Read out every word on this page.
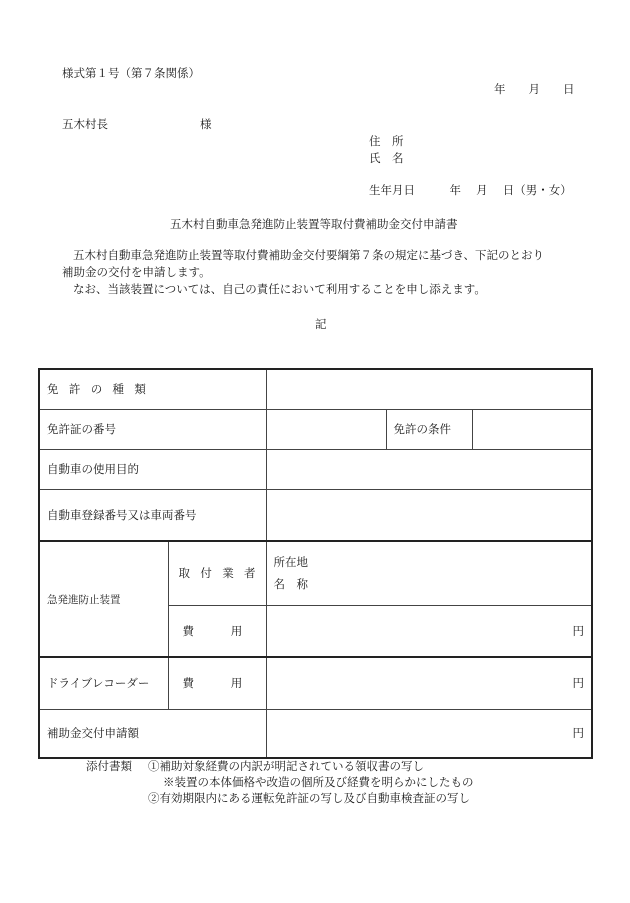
様式第１号（第７条関係）
年　　月　　日
五木村長　　　　　　　　様
住　所
氏　名
生年月日　　　年　 月　 日（男・女）
五木村自動車急発進防止装置等取付費補助金交付申請書

五木村自動車急発進防止装置等取付費補助金交付要綱第７条の規定に基づき、下記のとおり

補助金の交付を申請します。

なお、当該装置については、自己の責任において利用することを申し添えます。

記
免許の種類				
免許証の番号			免許の条件	
自動車の使用目的				
自動車登録番号又は車両番号				
急発進防止装置	取付業者	所在地
名　称		

	費用	円		
ドライブレコーダー	費用	円		
補助金交付申請額		円		
添付書類 ①補助対象経費の内訳が明記されている領収書の写し
※装置の本体価格や改造の個所及び経費を明らかにしたもの
②有効期限内にある運転免許証の写し及び自動車検査証の写し
